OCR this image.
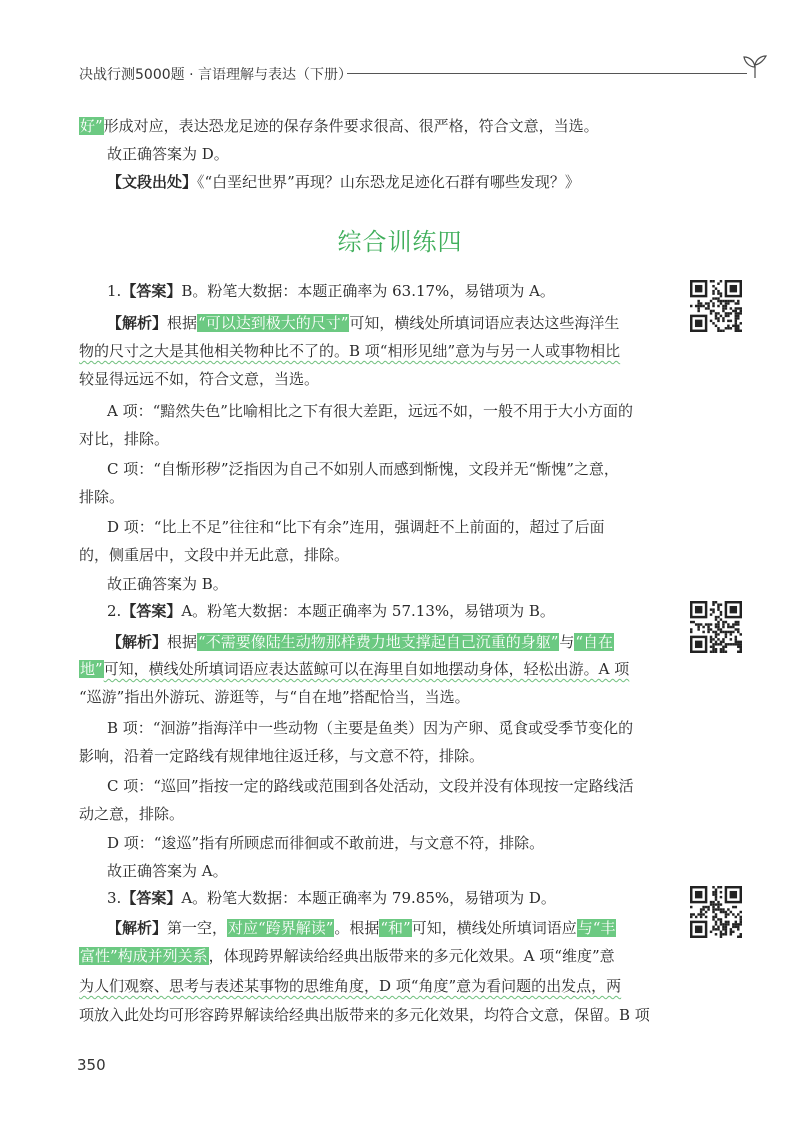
决战行测5000题 · 言语理解与表达（下册）
好”形成对应，表达恐龙足迹的保存条件要求很高、很严格，符合文意，当选。
故正确答案为 D。
【文段出处】《“白垩纪世界”再现？山东恐龙足迹化石群有哪些发现？》
综合训练四
1.【答案】B。粉笔大数据：本题正确率为 63.17%，易错项为 A。
【解析】根据“可以达到极大的尺寸”可知，横线处所填词语应表达这些海洋生
物的尺寸之大是其他相关物种比不了的。B 项“相形见绌”意为与另一人或事物相比
较显得远远不如，符合文意，当选。
A 项：“黯然失色”比喻相比之下有很大差距，远远不如，一般不用于大小方面的
对比，排除。
C 项：“自惭形秽”泛指因为自己不如别人而感到惭愧，文段并无“惭愧”之意，
排除。
D 项：“比上不足”往往和“比下有余”连用，强调赶不上前面的，超过了后面
的，侧重居中，文段中并无此意，排除。
故正确答案为 B。
2.【答案】A。粉笔大数据：本题正确率为 57.13%，易错项为 B。
【解析】根据“不需要像陆生动物那样费力地支撑起自己沉重的身躯”与“自在
地”可知，横线处所填词语应表达蓝鲸可以在海里自如地摆动身体，轻松出游。A 项
“巡游”指出外游玩、游逛等，与“自在地”搭配恰当，当选。
B 项：“洄游”指海洋中一些动物（主要是鱼类）因为产卵、觅食或受季节变化的
影响，沿着一定路线有规律地往返迁移，与文意不符，排除。
C 项：“巡回”指按一定的路线或范围到各处活动，文段并没有体现按一定路线活
动之意，排除。
D 项：“逡巡”指有所顾虑而徘徊或不敢前进，与文意不符，排除。
故正确答案为 A。
3.【答案】A。粉笔大数据：本题正确率为 79.85%，易错项为 D。
【解析】第一空，对应“跨界解读”。根据“和”可知，横线处所填词语应与“丰
富性”构成并列关系，体现跨界解读给经典出版带来的多元化效果。A 项“维度”意
为人们观察、思考与表述某事物的思维角度，D 项“角度”意为看问题的出发点，两
项放入此处均可形容跨界解读给经典出版带来的多元化效果，均符合文意，保留。B 项
350
